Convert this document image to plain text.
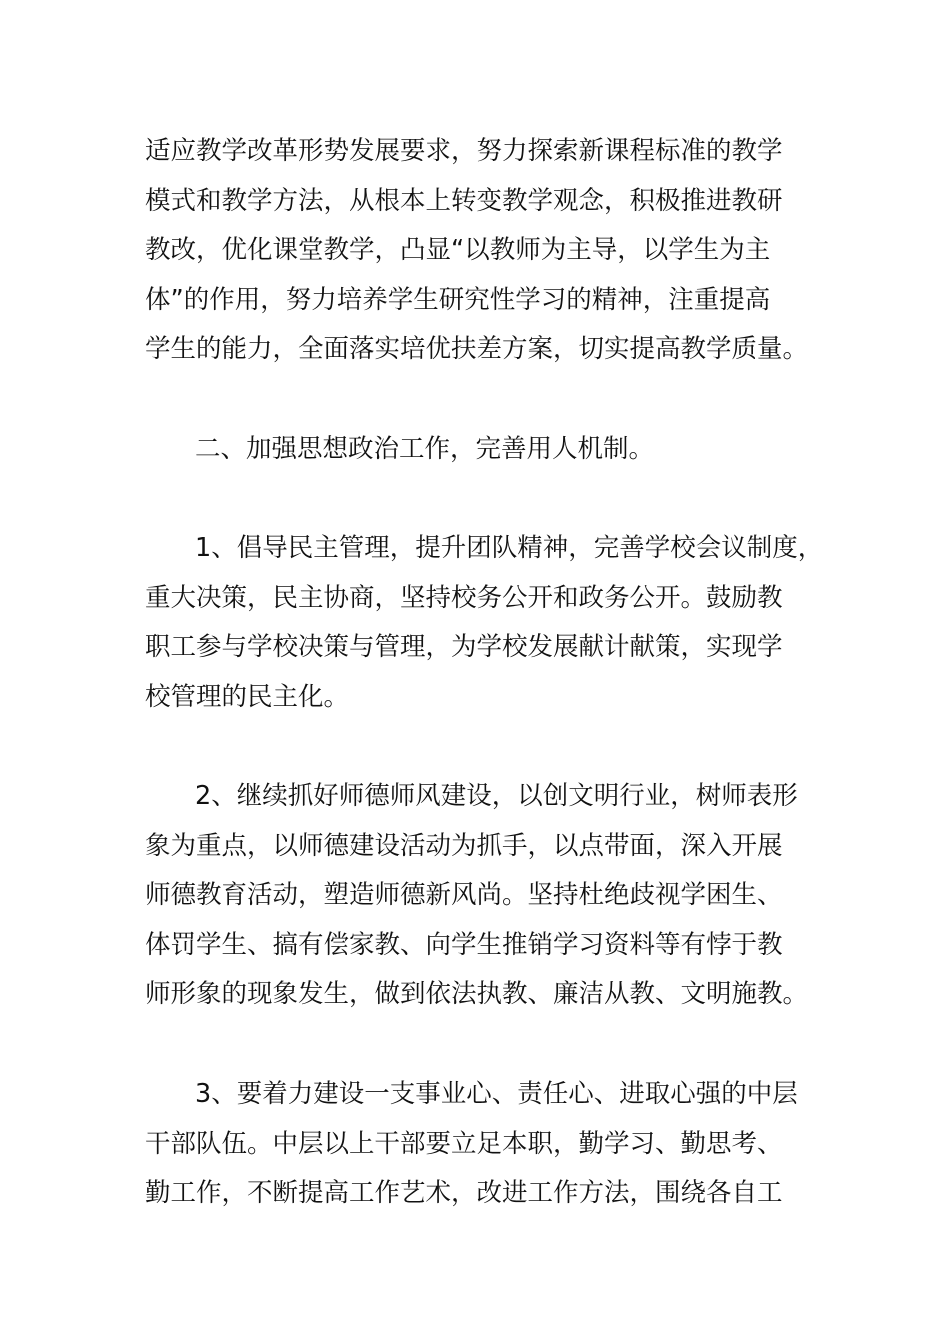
适应教学改革形势发展要求，努力探索新课程标准的教学
模式和教学方法，从根本上转变教学观念，积极推进教研
教改，优化课堂教学，凸显“以教师为主导，以学生为主
体”的作用，努力培养学生研究性学习的精神，注重提高
学生的能力，全面落实培优扶差方案，切实提高教学质量。
二、加强思想政治工作，完善用人机制。
1、倡导民主管理，提升团队精神，完善学校会议制度，
重大决策，民主协商，坚持校务公开和政务公开。鼓励教
职工参与学校决策与管理，为学校发展献计献策，实现学
校管理的民主化。
2、继续抓好师德师风建设，以创文明行业，树师表形
象为重点，以师德建设活动为抓手，以点带面，深入开展
师德教育活动，塑造师德新风尚。坚持杜绝歧视学困生、
体罚学生、搞有偿家教、向学生推销学习资料等有悖于教
师形象的现象发生，做到依法执教、廉洁从教、文明施教。
3、要着力建设一支事业心、责任心、进取心强的中层
干部队伍。中层以上干部要立足本职，勤学习、勤思考、
勤工作，不断提高工作艺术，改进工作方法，围绕各自工
